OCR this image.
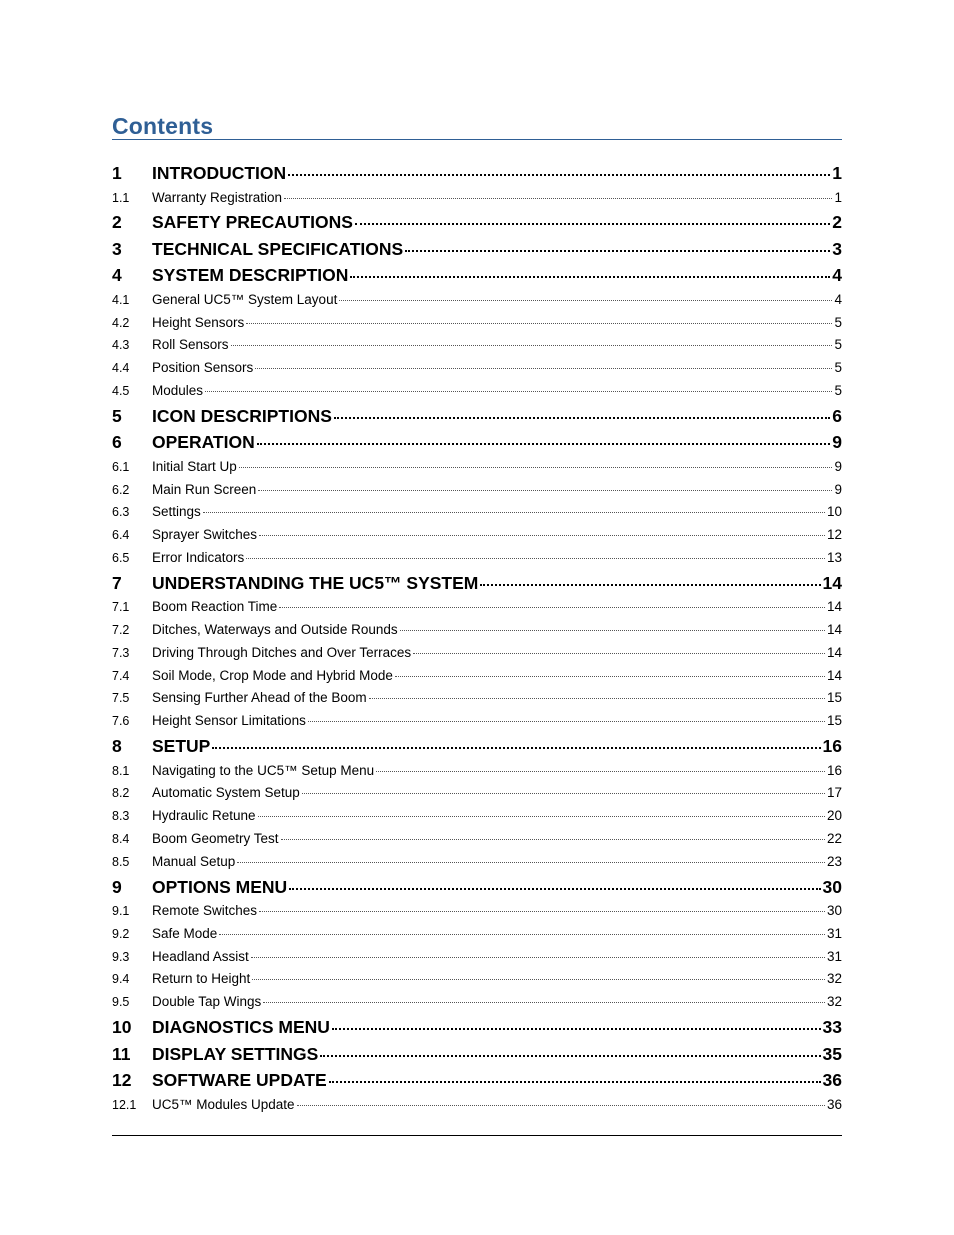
Contents
1	INTRODUCTION	1
1.1	Warranty Registration	1
2	SAFETY PRECAUTIONS	2
3	TECHNICAL SPECIFICATIONS	3
4	SYSTEM DESCRIPTION	4
4.1	General UC5™ System Layout	4
4.2	Height Sensors	5
4.3	Roll Sensors	5
4.4	Position Sensors	5
4.5	Modules	5
5	ICON DESCRIPTIONS	6
6	OPERATION	9
6.1	Initial Start Up	9
6.2	Main Run Screen	9
6.3	Settings	10
6.4	Sprayer Switches	12
6.5	Error Indicators	13
7	UNDERSTANDING THE UC5™ SYSTEM	14
7.1	Boom Reaction Time	14
7.2	Ditches, Waterways and Outside Rounds	14
7.3	Driving Through Ditches and Over Terraces	14
7.4	Soil Mode, Crop Mode and Hybrid Mode	14
7.5	Sensing Further Ahead of the Boom	15
7.6	Height Sensor Limitations	15
8	SETUP	16
8.1	Navigating to the UC5™ Setup Menu	16
8.2	Automatic System Setup	17
8.3	Hydraulic Retune	20
8.4	Boom Geometry Test	22
8.5	Manual Setup	23
9	OPTIONS MENU	30
9.1	Remote Switches	30
9.2	Safe Mode	31
9.3	Headland Assist	31
9.4	Return to Height	32
9.5	Double Tap Wings	32
10	DIAGNOSTICS MENU	33
11	DISPLAY SETTINGS	35
12	SOFTWARE UPDATE	36
12.1	UC5™ Modules Update	36
